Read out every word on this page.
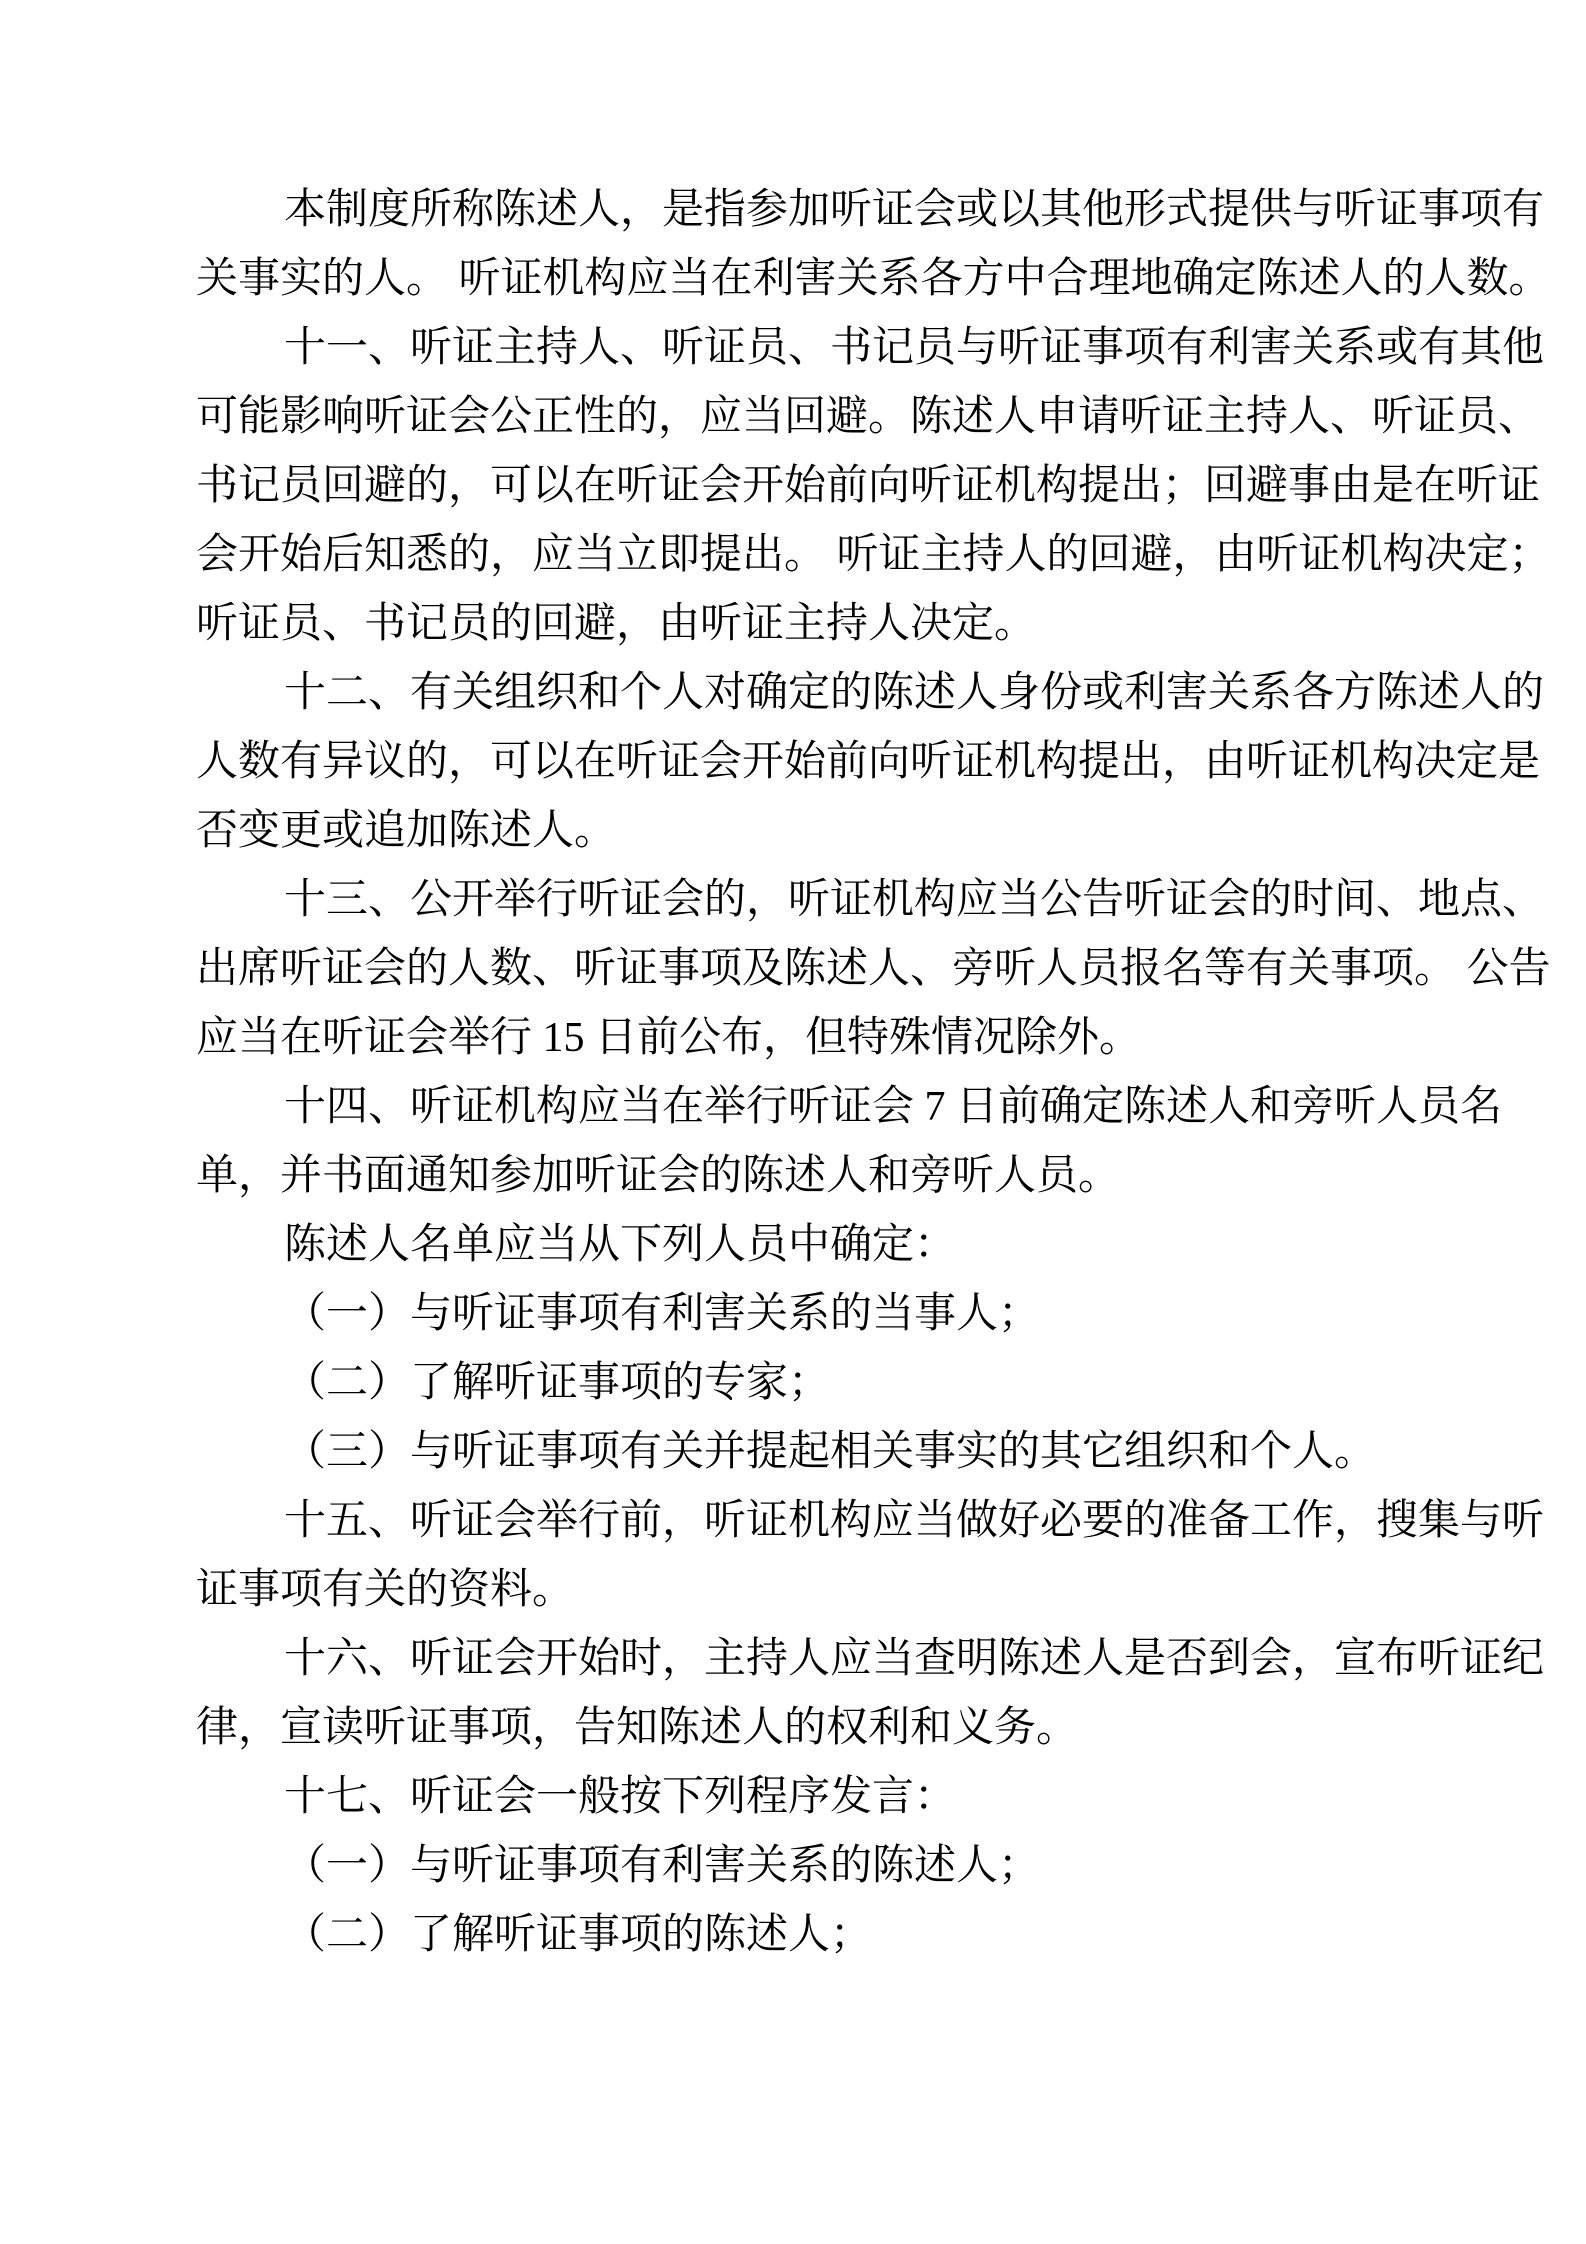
本制度所称陈述人，是指参加听证会或以其他形式提供与听证事项有
关事实的人。 听证机构应当在利害关系各方中合理地确定陈述人的人数。
十一、听证主持人、听证员、书记员与听证事项有利害关系或有其他
可能影响听证会公正性的，应当回避。陈述人申请听证主持人、听证员、
书记员回避的，可以在听证会开始前向听证机构提出；回避事由是在听证
会开始后知悉的，应当立即提出。 听证主持人的回避，由听证机构决定；
听证员、书记员的回避，由听证主持人决定。
十二、有关组织和个人对确定的陈述人身份或利害关系各方陈述人的
人数有异议的，可以在听证会开始前向听证机构提出，由听证机构决定是
否变更或追加陈述人。
十三、公开举行听证会的，听证机构应当公告听证会的时间、地点、
出席听证会的人数、听证事项及陈述人、旁听人员报名等有关事项。 公告
应当在听证会举行 15 日前公布，但特殊情况除外。
十四、听证机构应当在举行听证会 7 日前确定陈述人和旁听人员名
单，并书面通知参加听证会的陈述人和旁听人员。
陈述人名单应当从下列人员中确定：
（一）与听证事项有利害关系的当事人；
（二）了解听证事项的专家；
（三）与听证事项有关并提起相关事实的其它组织和个人。
十五、听证会举行前，听证机构应当做好必要的准备工作，搜集与听
证事项有关的资料。
十六、听证会开始时，主持人应当查明陈述人是否到会，宣布听证纪
律，宣读听证事项，告知陈述人的权利和义务。
十七、听证会一般按下列程序发言：
（一）与听证事项有利害关系的陈述人；
（二）了解听证事项的陈述人；
